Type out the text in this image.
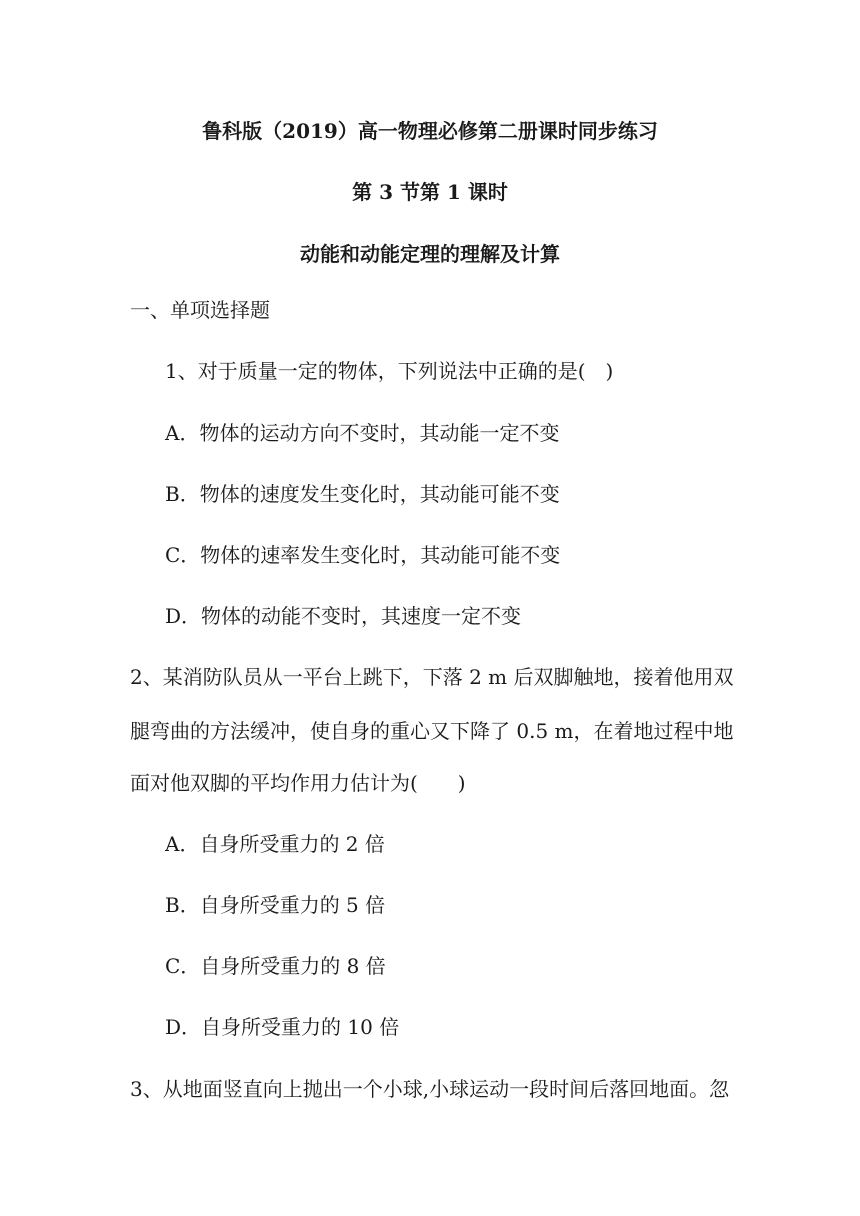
鲁科版（2019）高一物理必修第二册课时同步练习
第 3 节第 1 课时
动能和动能定理的理解及计算
一、单项选择题
1、对于质量一定的物体，下列说法中正确的是(　)
A．物体的运动方向不变时，其动能一定不变
B．物体的速度发生变化时，其动能可能不变
C．物体的速率发生变化时，其动能可能不变
D．物体的动能不变时，其速度一定不变
2、某消防队员从一平台上跳下，下落 2 m 后双脚触地，接着他用双
腿弯曲的方法缓冲，使自身的重心又下降了 0.5 m，在着地过程中地
面对他双脚的平均作用力估计为(　　)
A．自身所受重力的 2 倍
B．自身所受重力的 5 倍
C．自身所受重力的 8 倍
D．自身所受重力的 10 倍
3、从地面竖直向上抛出一个小球,小球运动一段时间后落回地面。忽
